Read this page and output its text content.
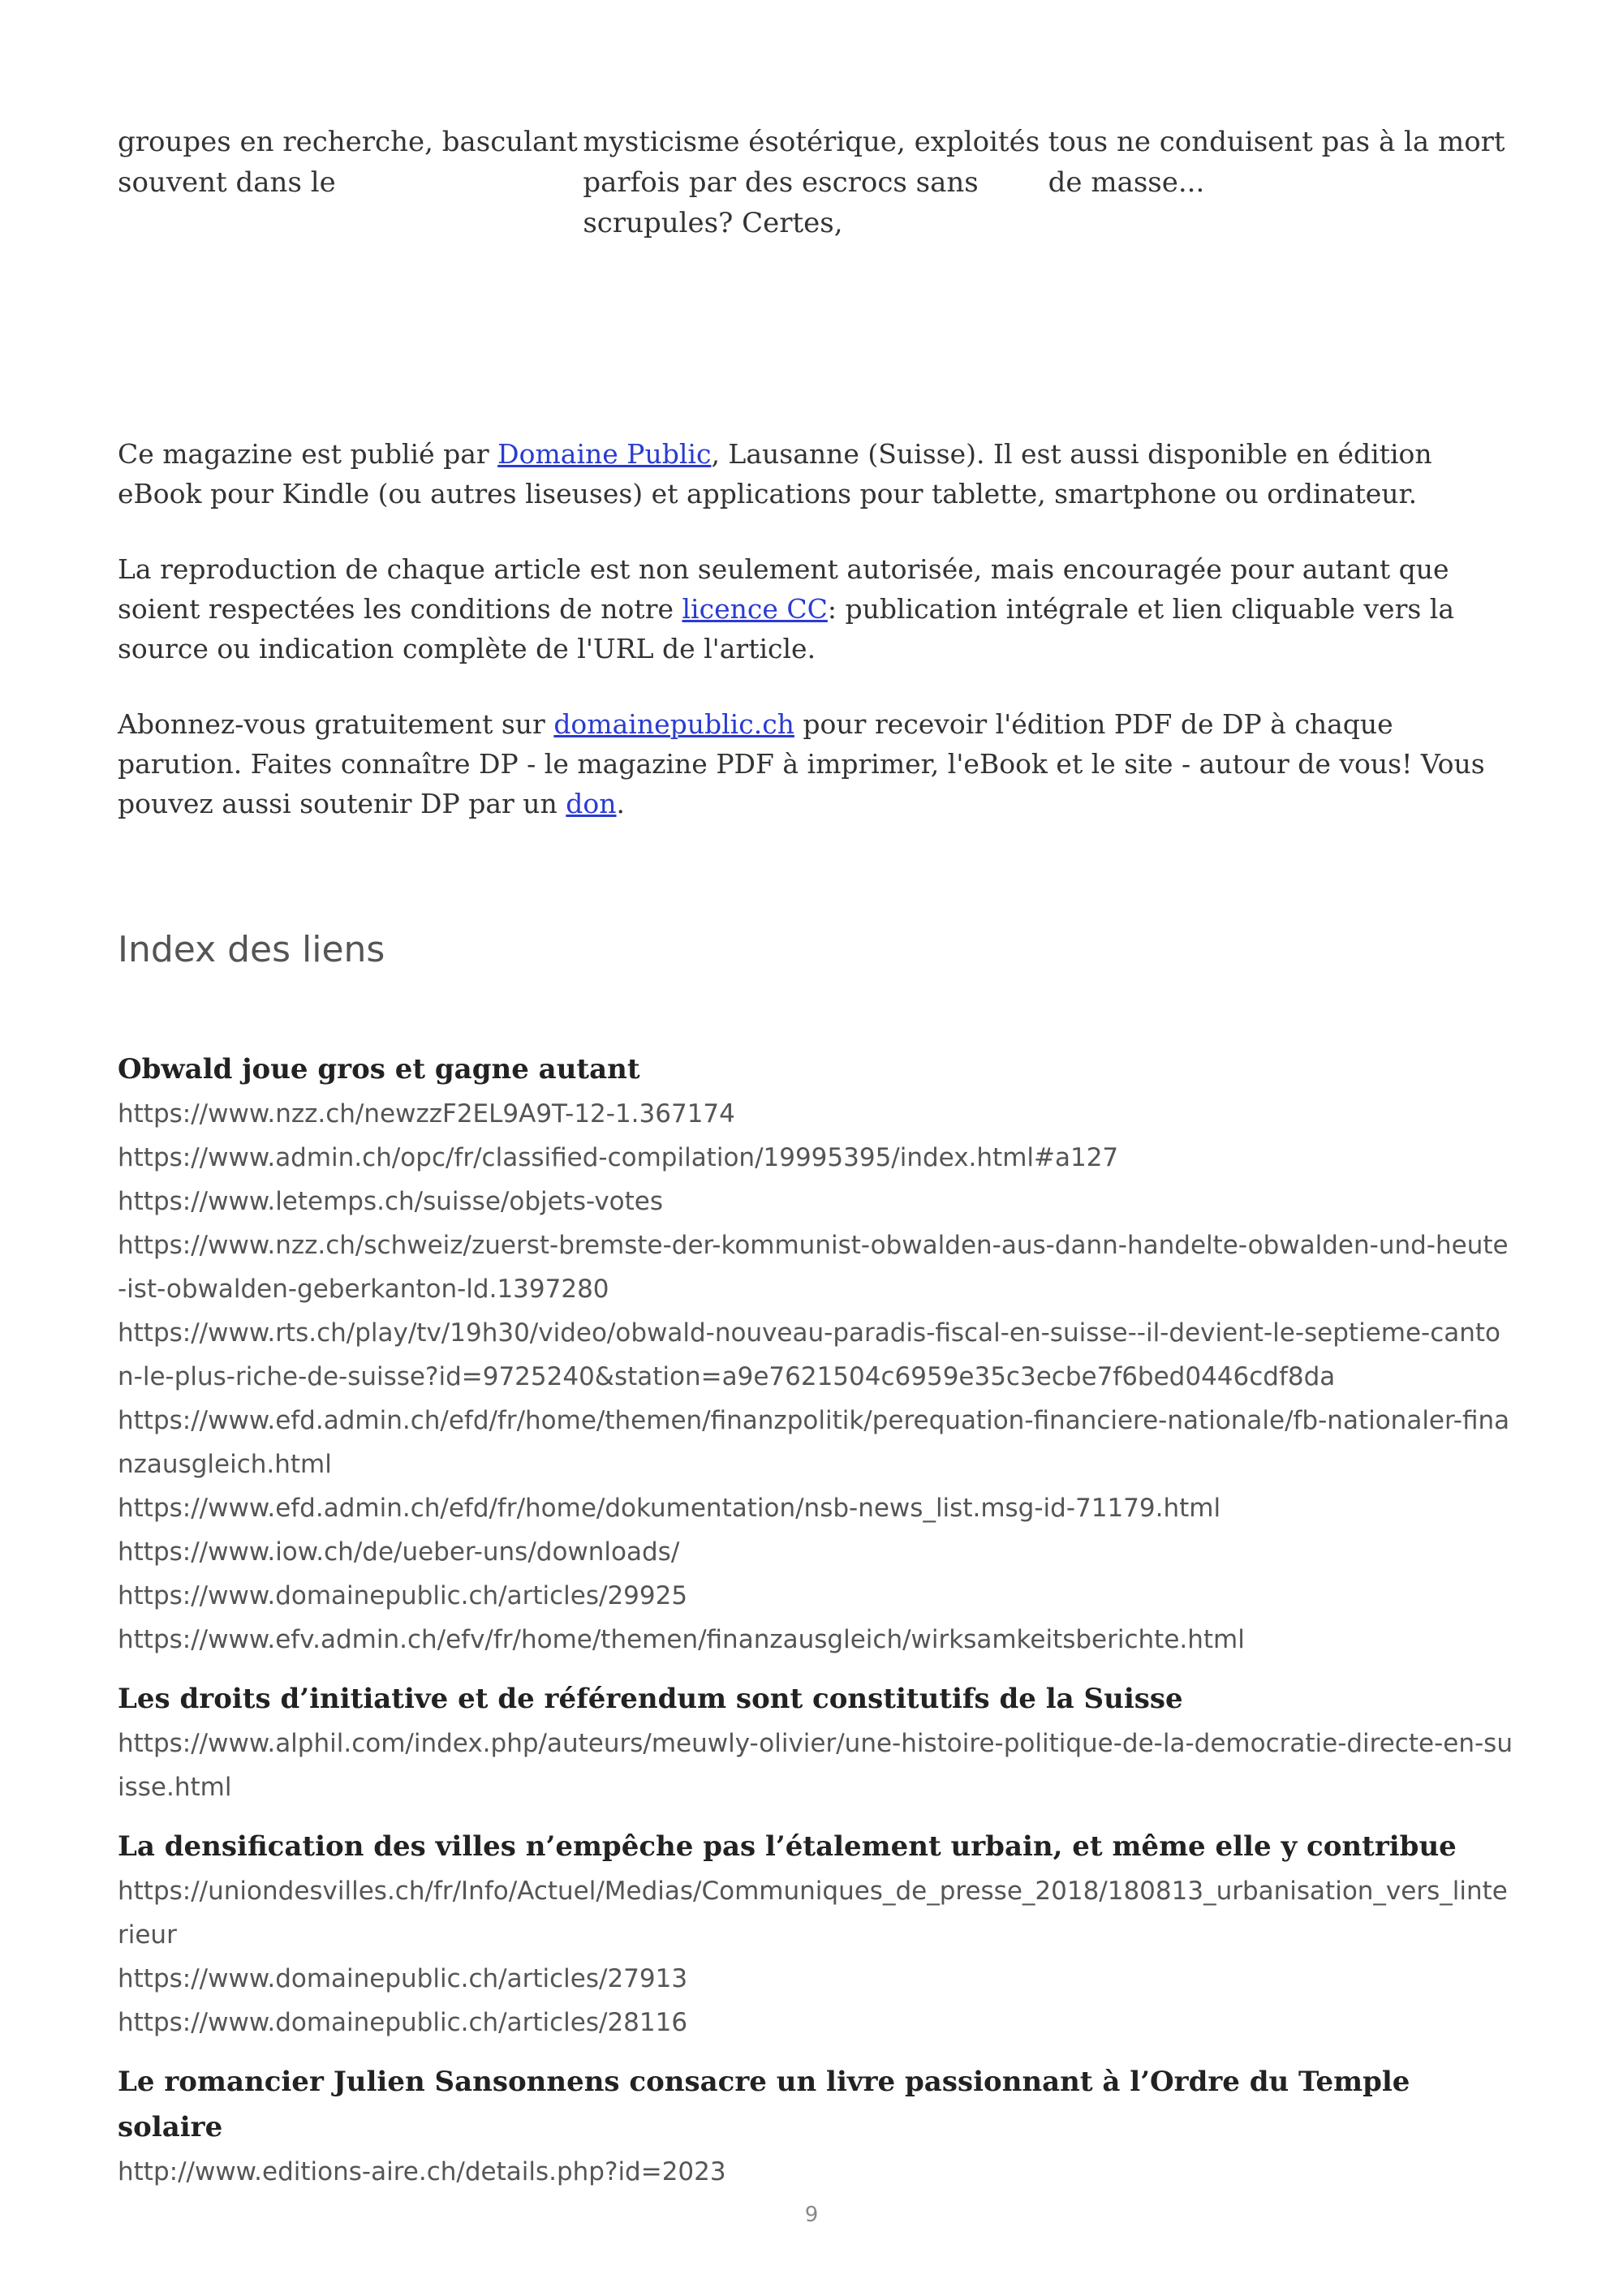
groupes en recherche, basculant souvent dans le
mysticisme ésotérique, exploités parfois par des escrocs sans scrupules? Certes,
tous ne conduisent pas à la mort de masse...

Ce magazine est publié par Domaine Public, Lausanne (Suisse). Il est aussi disponible en édition eBook pour Kindle (ou autres liseuses) et applications pour tablette, smartphone ou ordinateur.

La reproduction de chaque article est non seulement autorisée, mais encouragée pour autant que soient respectées les conditions de notre licence CC: publication intégrale et lien cliquable vers la source ou indication complète de l'URL de l'article.

Abonnez-vous gratuitement sur domainepublic.ch pour recevoir l'édition PDF de DP à chaque parution. Faites connaître DP - le magazine PDF à imprimer, l'eBook et le site - autour de vous! Vous pouvez aussi soutenir DP par un don.

Index des liens
Obwald joue gros et gagne autant
https://www.nzz.ch/newzzF2EL9A9T-12-1.367174
https://www.admin.ch/opc/fr/classified-compilation/19995395/index.html#a127
https://www.letemps.ch/suisse/objets-votes
https://www.nzz.ch/schweiz/zuerst-bremste-der-kommunist-obwalden-aus-dann-handelte-obwalden-und-heute-ist-obwalden-geberkanton-ld.1397280
https://www.rts.ch/play/tv/19h30/video/obwald-nouveau-paradis-fiscal-en-suisse--il-devient-le-septieme-canton-le-plus-riche-de-suisse?id=9725240&station=a9e7621504c6959e35c3ecbe7f6bed0446cdf8da
https://www.efd.admin.ch/efd/fr/home/themen/finanzpolitik/perequation-financiere-nationale/fb-nationaler-finanzausgleich.html
https://www.efd.admin.ch/efd/fr/home/dokumentation/nsb-news_list.msg-id-71179.html
https://www.iow.ch/de/ueber-uns/downloads/
https://www.domainepublic.ch/articles/29925
https://www.efv.admin.ch/efv/fr/home/themen/finanzausgleich/wirksamkeitsberichte.html
Les droits d’initiative et de référendum sont constitutifs de la Suisse
https://www.alphil.com/index.php/auteurs/meuwly-olivier/une-histoire-politique-de-la-democratie-directe-en-suisse.html
La densification des villes n’empêche pas l’étalement urbain, et même elle y contribue
https://uniondesvilles.ch/fr/Info/Actuel/Medias/Communiques_de_presse_2018/180813_urbanisation_vers_linterieur
https://www.domainepublic.ch/articles/27913
https://www.domainepublic.ch/articles/28116
Le romancier Julien Sansonnens consacre un livre passionnant à l’Ordre du Temple solaire
http://www.editions-aire.ch/details.php?id=2023
9
